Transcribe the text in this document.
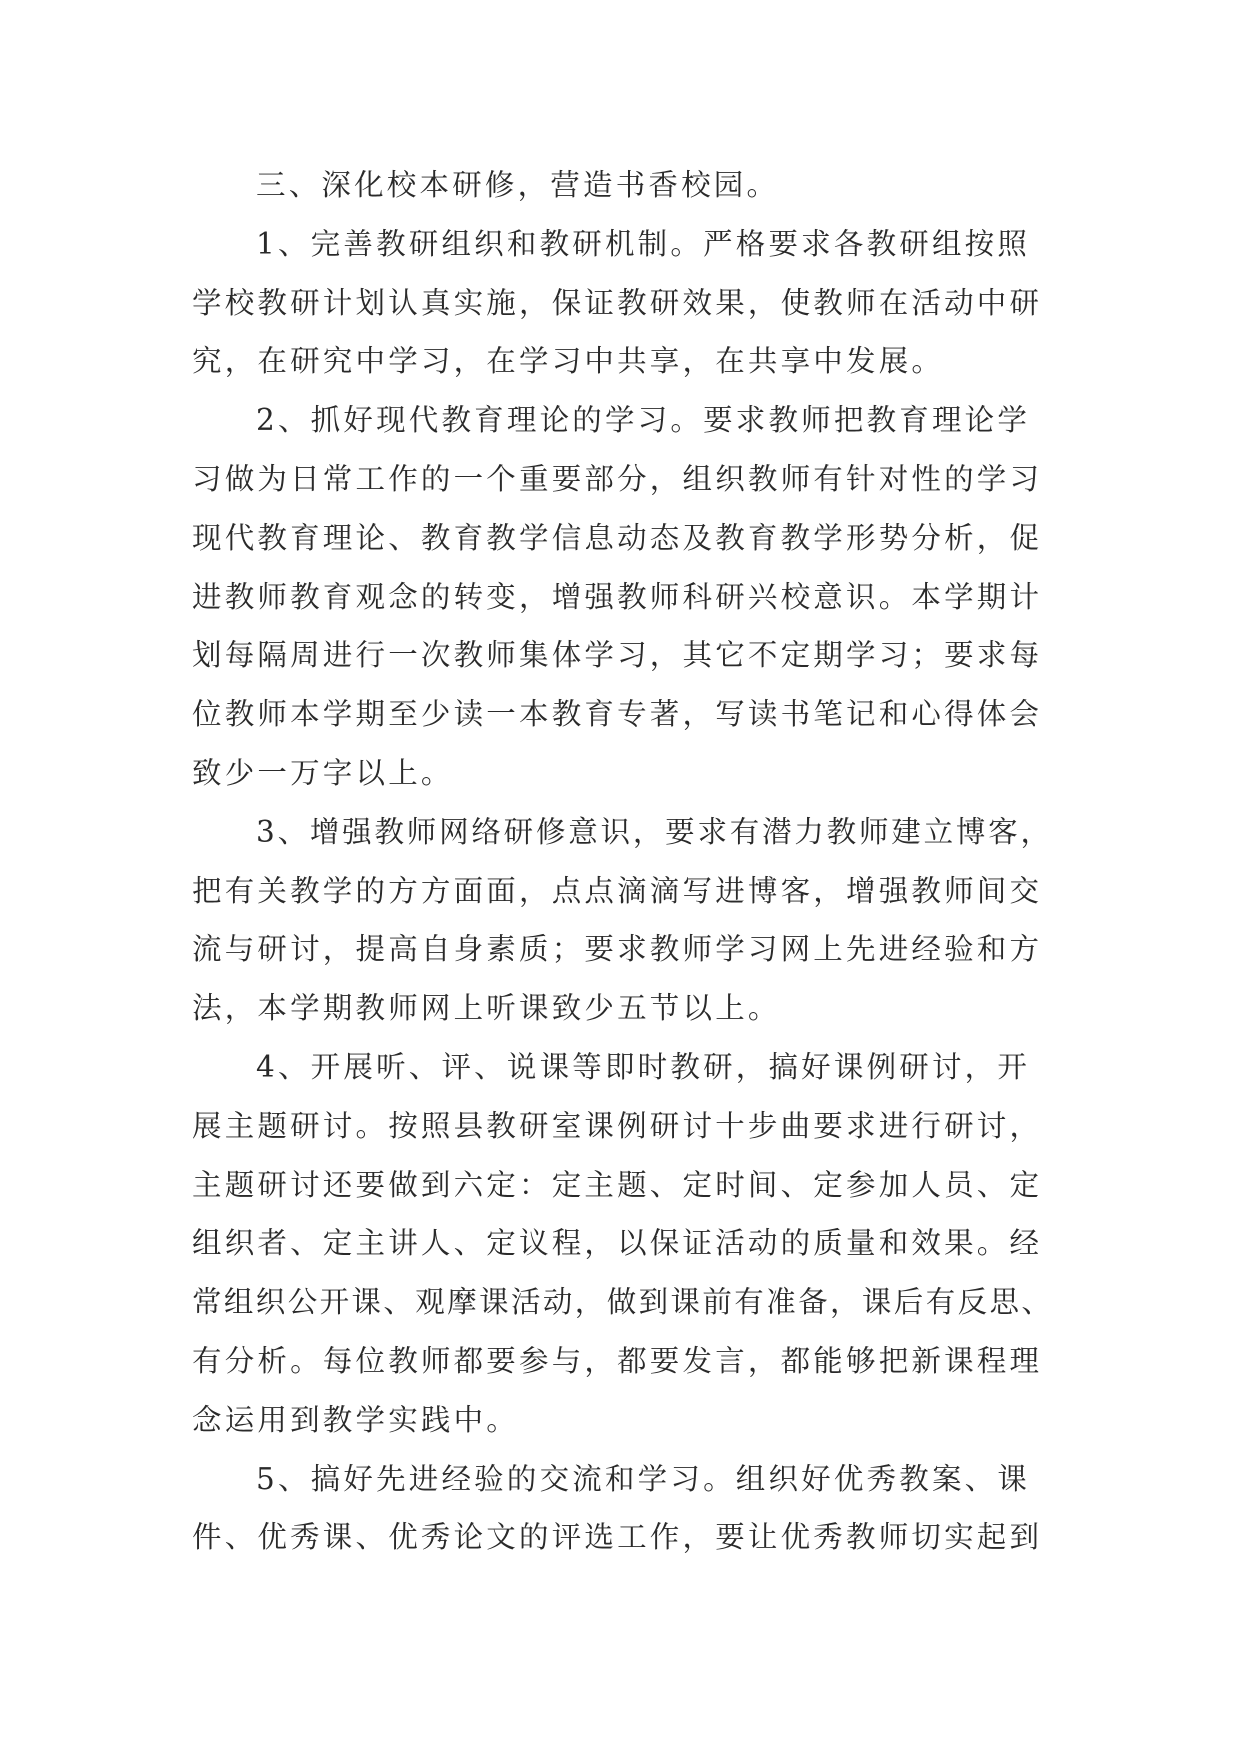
三、深化校本研修，营造书香校园。
1、完善教研组织和教研机制。严格要求各教研组按照
学校教研计划认真实施，保证教研效果，使教师在活动中研
究，在研究中学习，在学习中共享，在共享中发展。
2、抓好现代教育理论的学习。要求教师把教育理论学
习做为日常工作的一个重要部分，组织教师有针对性的学习
现代教育理论、教育教学信息动态及教育教学形势分析，促
进教师教育观念的转变，增强教师科研兴校意识。本学期计
划每隔周进行一次教师集体学习，其它不定期学习；要求每
位教师本学期至少读一本教育专著，写读书笔记和心得体会
致少一万字以上。
3、增强教师网络研修意识，要求有潜力教师建立博客，
把有关教学的方方面面，点点滴滴写进博客，增强教师间交
流与研讨，提高自身素质；要求教师学习网上先进经验和方
法，本学期教师网上听课致少五节以上。
4、开展听、评、说课等即时教研，搞好课例研讨，开
展主题研讨。按照县教研室课例研讨十步曲要求进行研讨，
主题研讨还要做到六定：定主题、定时间、定参加人员、定
组织者、定主讲人、定议程，以保证活动的质量和效果。经
常组织公开课、观摩课活动，做到课前有准备，课后有反思、
有分析。每位教师都要参与，都要发言，都能够把新课程理
念运用到教学实践中。
5、搞好先进经验的交流和学习。组织好优秀教案、课
件、优秀课、优秀论文的评选工作，要让优秀教师切实起到
